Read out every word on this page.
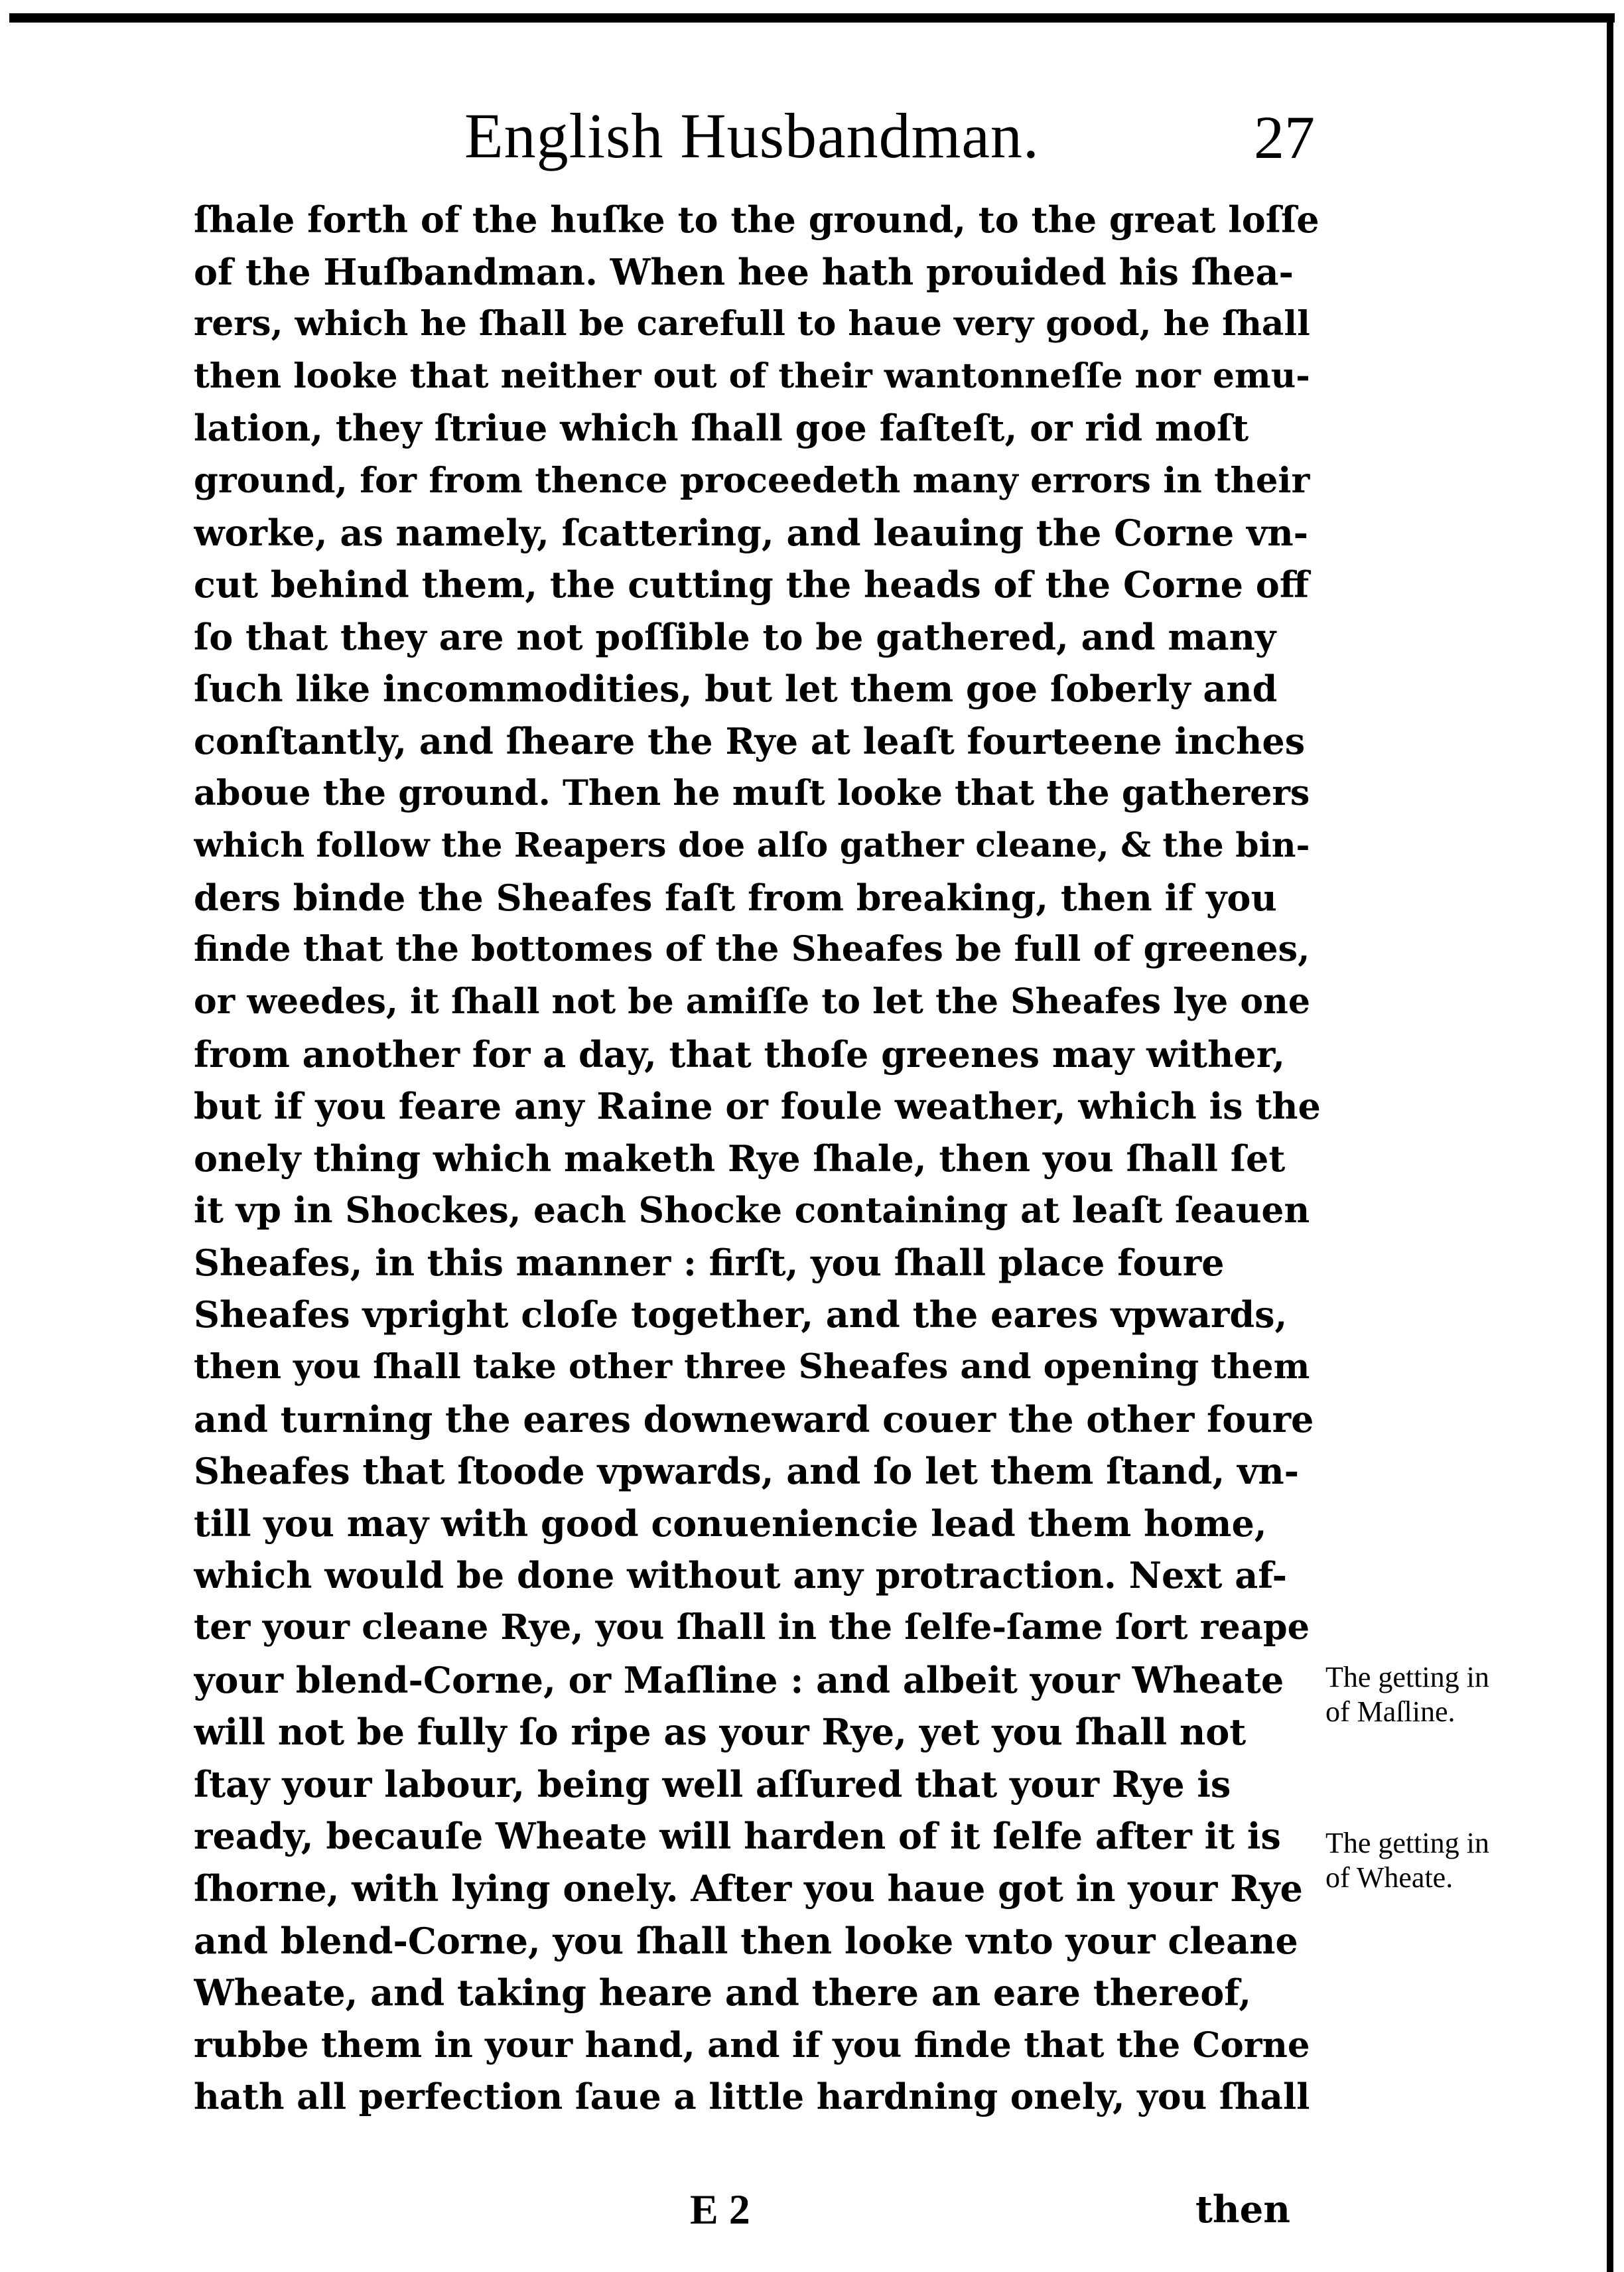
English Husbandman.	27
ſhale forth of the huſke to the ground, to the great loſſe
of the Huſbandman. When hee hath prouided his ſhea-
rers, which he ſhall be carefull to haue very good, he ſhall
then looke that neither out of their wantonneſſe nor emu-
lation, they ſtriue which ſhall goe faſteſt, or rid moſt
ground, for from thence proceedeth many errors in their
worke, as namely, ſcattering, and leauing the Corne vn-
cut behind them, the cutting the heads of the Corne off
ſo that they are not poſſible to be gathered, and many
ſuch like incommodities, but let them goe ſoberly and
conſtantly, and ſheare the Rye at leaſt fourteene inches
aboue the ground. Then he muſt looke that the gatherers
which follow the Reapers doe alſo gather cleane, & the bin-
ders binde the Sheafes faſt from breaking, then if you
finde that the bottomes of the Sheafes be full of greenes,
or weedes, it ſhall not be amiſſe to let the Sheafes lye one
from another for a day, that thoſe greenes may wither,
but if you feare any Raine or foule weather, which is the
onely thing which maketh Rye ſhale, then you ſhall ſet
it vp in Shockes, each Shocke containing at leaſt ſeauen
Sheafes, in this manner : firſt, you ſhall place foure
Sheafes vpright cloſe together, and the eares vpwards,
then you ſhall take other three Sheafes and opening them
and turning the eares downeward couer the other foure
Sheafes that ſtoode vpwards, and ſo let them ſtand, vn-
till you may with good conueniencie lead them home,
which would be done without any protraction. Next af-
ter your cleane Rye, you ſhall in the ſelfe-ſame ſort reape
your blend-Corne, or Maſline : and albeit your Wheate
will not be fully ſo ripe as your Rye, yet you ſhall not
ſtay your labour, being well aſſured that your Rye is
ready, becauſe Wheate will harden of it ſelfe after it is
ſhorne, with lying onely. After you haue got in your Rye
and blend-Corne, you ſhall then looke vnto your cleane
Wheate, and taking heare and there an eare thereof,
rubbe them in your hand, and if you finde that the Corne
hath all perfection ſaue a little hardning onely, you ſhall
The getting in
of Maſline.
The getting in
of Wheate.
E 2	then
